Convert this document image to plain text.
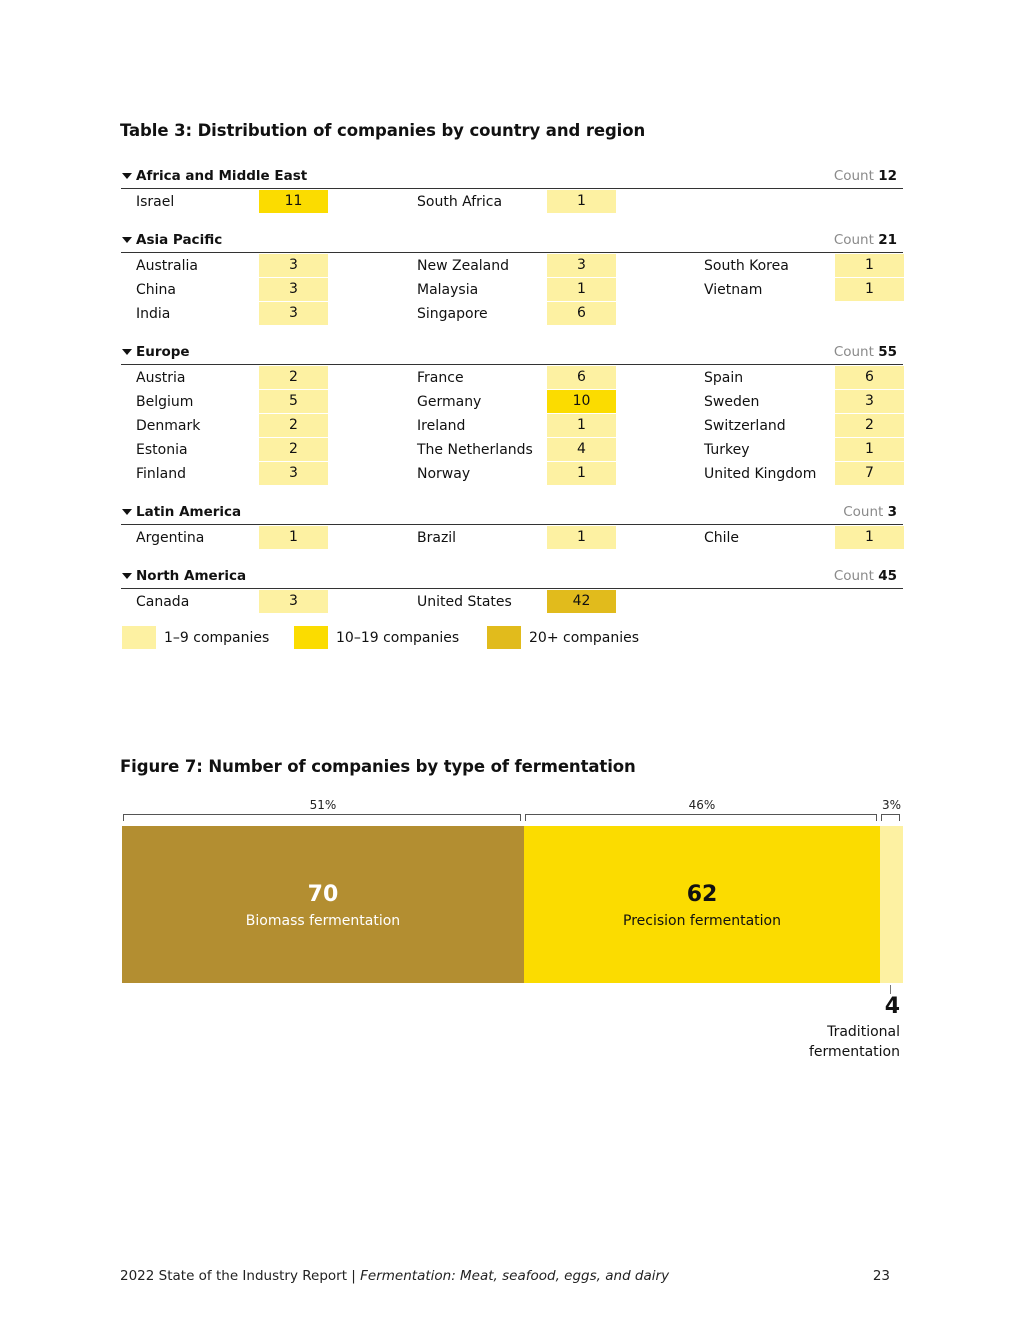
Table 3: Distribution of companies by country and region
Africa and Middle East	Count 12
Israel	11	South Africa	1
Asia Pacific	Count 21
Australia	3	New Zealand	3	South Korea	1
China	3	Malaysia	1	Vietnam	1
India	3	Singapore	6
Europe	Count 55
Austria	2	France	6	Spain	6
Belgium	5	Germany	10	Sweden	3
Denmark	2	Ireland	1	Switzerland	2
Estonia	2	The Netherlands	4	Turkey	1
Finland	3	Norway	1	United Kingdom	7
Latin America	Count 3
Argentina	1	Brazil	1	Chile	1
North America	Count 45
Canada	3	United States	42
1–9 companies	10–19 companies	20+ companies
Figure 7: Number of companies by type of fermentation
51%
70
Biomass fermentation
46%
62
Precision fermentation
3%
4
Traditional
fermentation
2022 State of the Industry Report | Fermentation: Meat, seafood, eggs, and dairy	23
